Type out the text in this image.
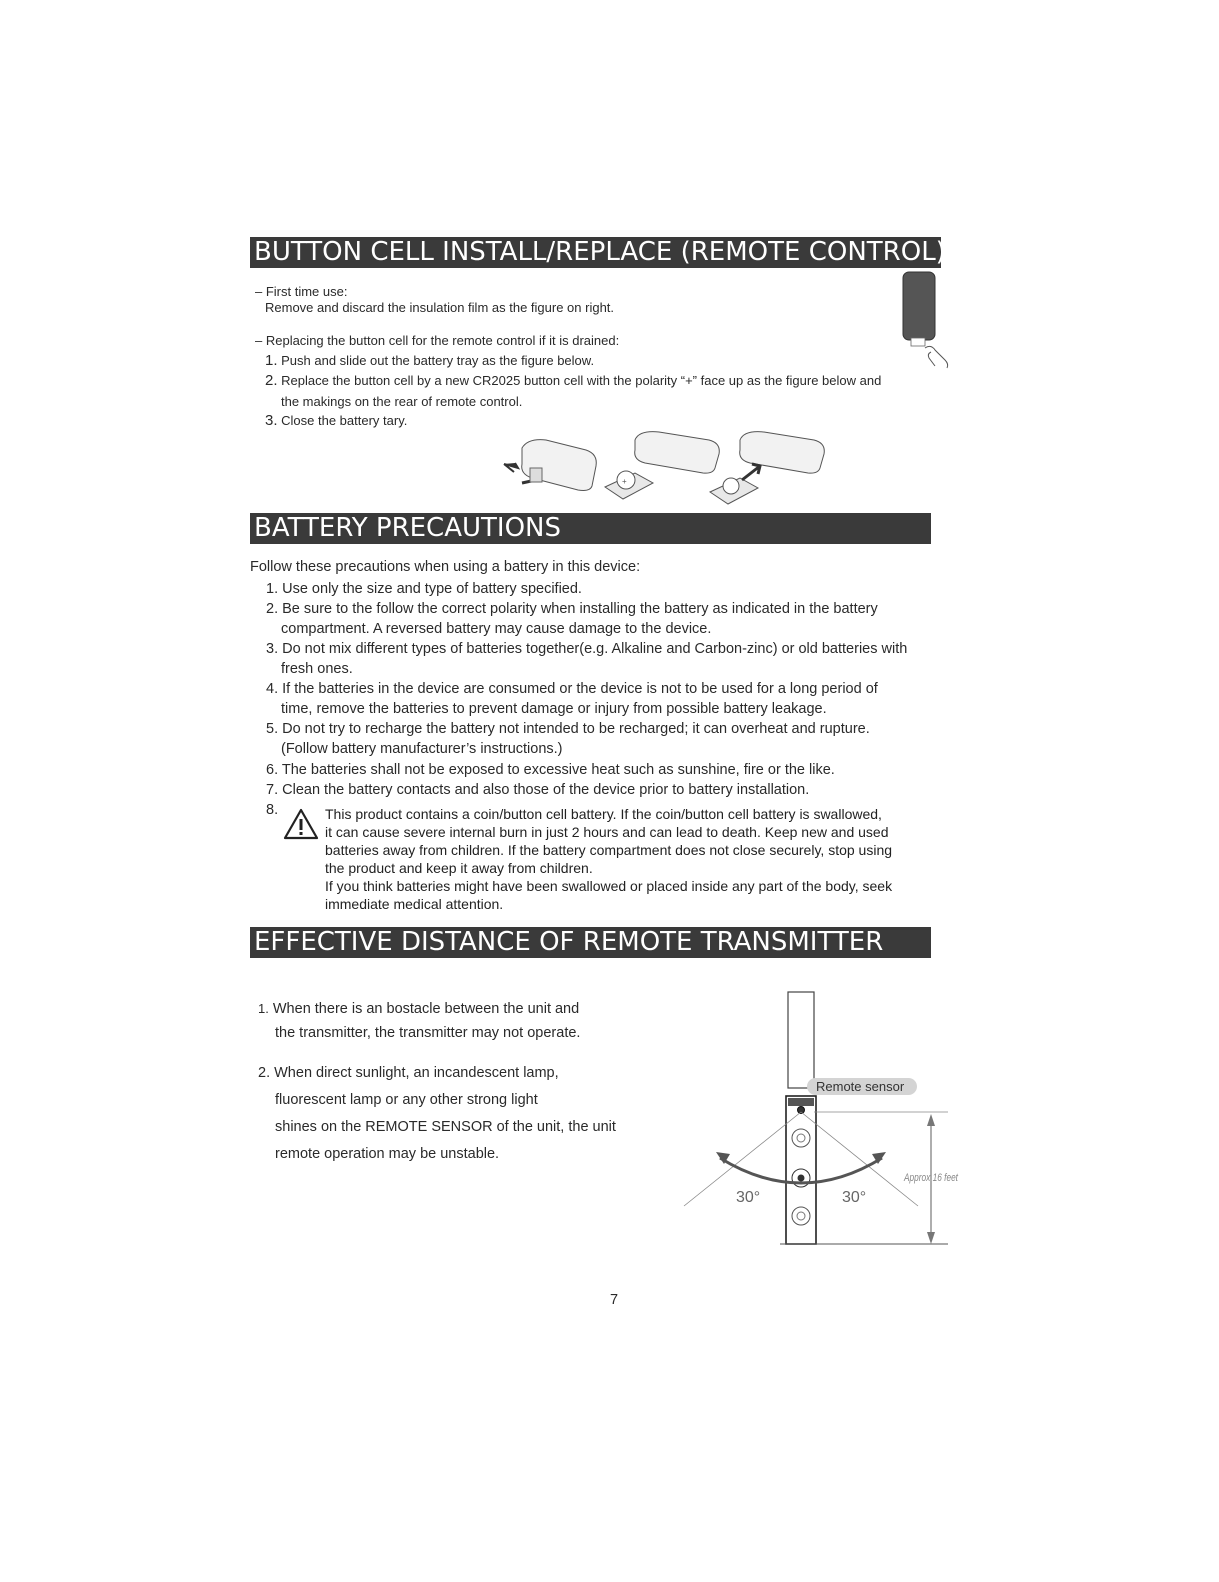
BUTTON CELL INSTALL/REPLACE (REMOTE CONTROL)
– First time use:
Remove and discard the insulation film as the figure on right.
– Replacing the button cell for the remote control if it is drained:
1. Push and slide out the battery tray as the figure below.
2. Replace the button cell by a new CR2025 button cell with the polarity “+” face up as the figure below and
the makings on the rear of remote control.
3. Close the battery tary.
+
BATTERY PRECAUTIONS
Follow these precautions when using a battery in this device:
1. Use only the size and type of battery specified.
2. Be sure to the follow the correct polarity when installing the battery as indicated in the battery
compartment. A reversed battery may cause damage to the device.
3. Do not mix different types of batteries together(e.g. Alkaline and Carbon-zinc) or old batteries with
fresh ones.
4. If the batteries in the device are consumed or the device is not to be used for a long period of
time, remove the batteries to prevent damage or injury from possible battery leakage.
5. Do not try to recharge the battery not intended to be recharged; it can overheat and rupture.
(Follow battery manufacturer’s instructions.)
6. The batteries shall not be exposed to excessive heat such as sunshine, fire or the like.
7. Clean the battery contacts and also those of the device prior to battery installation.
8.	This product contains a coin/button cell battery. If the coin/button cell battery is swallowed,
it can cause severe internal burn in just 2 hours and can lead to death. Keep new and used
batteries away from children. If the battery compartment does not close securely, stop using
the product and keep it away from children.
If you think batteries might have been swallowed or placed inside any part of the body, seek
immediate medical attention.
EFFECTIVE DISTANCE OF REMOTE TRANSMITTER
1. When there is an bostacle between the unit and
the transmitter, the transmitter may not operate.
2. When direct sunlight, an incandescent lamp,
fluorescent lamp or any other strong light
shines on the REMOTE SENSOR of the unit, the unit
remote operation may be unstable.
Remote sensor
30°	30°
Approx.16 feet
7
